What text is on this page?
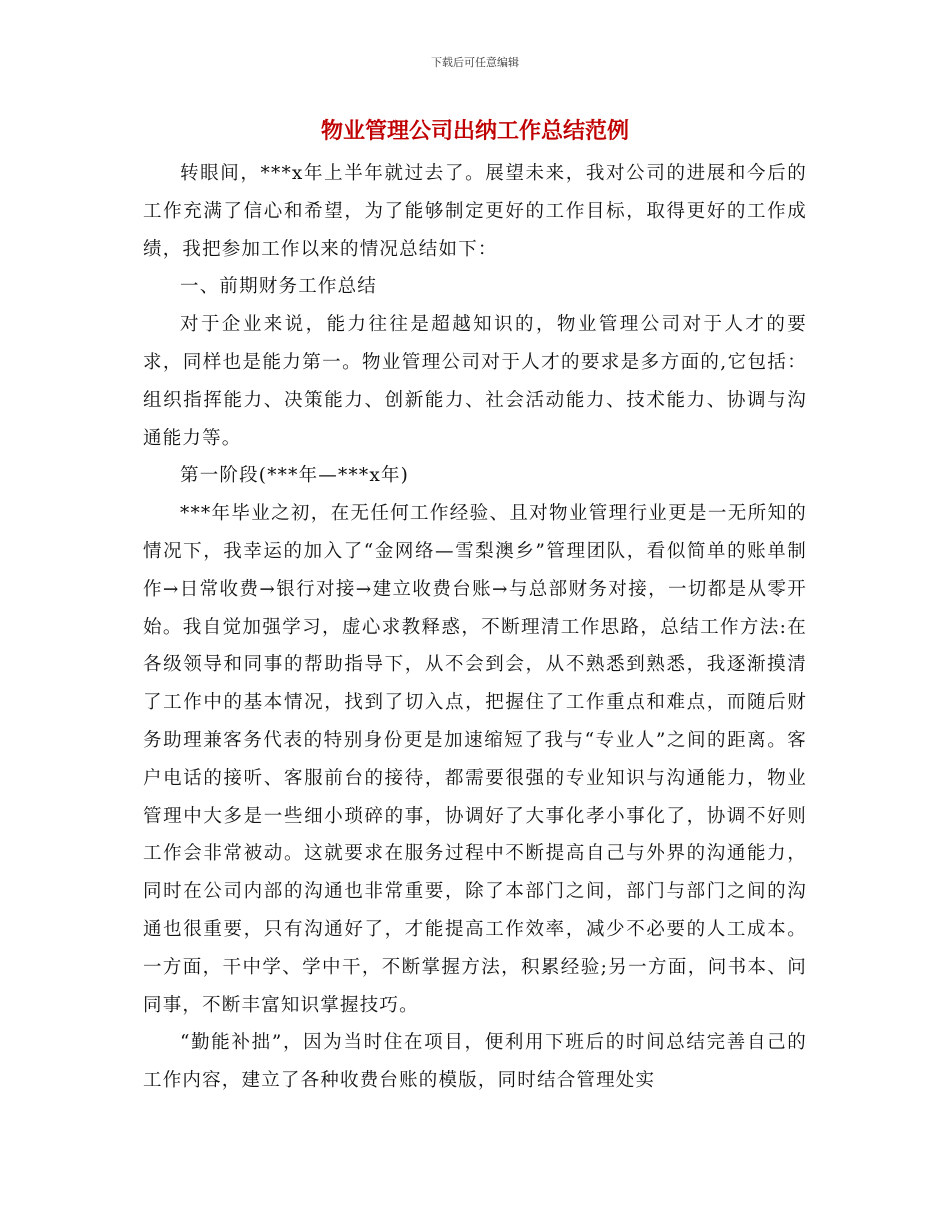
下载后可任意编辑
物业管理公司出纳工作总结范例

转眼间，***x年上半年就过去了。展望未来，我对公司的进展和今后的工作充满了信心和希望，为了能够制定更好的工作目标，取得更好的工作成绩，我把参加工作以来的情况总结如下：

一、前期财务工作总结

对于企业来说，能力往往是超越知识的，物业管理公司对于人才的要求，同样也是能力第一。物业管理公司对于人才的要求是多方面的,它包括：组织指挥能力、决策能力、创新能力、社会活动能力、技术能力、协调与沟通能力等。

第一阶段(***年—***x年)

***年毕业之初，在无任何工作经验、且对物业管理行业更是一无所知的情况下，我幸运的加入了“金网络—雪梨澳乡”管理团队，看似简单的账单制作→日常收费→银行对接→建立收费台账→与总部财务对接，一切都是从零开始。我自觉加强学习，虚心求教释惑，不断理清工作思路，总结工作方法:在各级领导和同事的帮助指导下，从不会到会，从不熟悉到熟悉，我逐渐摸清了工作中的基本情况，找到了切入点，把握住了工作重点和难点，而随后财务助理兼客务代表的特别身份更是加速缩短了我与“专业人”之间的距离。客户电话的接听、客服前台的接待，都需要很强的专业知识与沟通能力，物业管理中大多是一些细小琐碎的事，协调好了大事化孝小事化了，协调不好则工作会非常被动。这就要求在服务过程中不断提高自己与外界的沟通能力，同时在公司内部的沟通也非常重要，除了本部门之间，部门与部门之间的沟通也很重要，只有沟通好了，才能提高工作效率，减少不必要的人工成本。一方面，干中学、学中干，不断掌握方法，积累经验;另一方面，问书本、问同事，不断丰富知识掌握技巧。

“勤能补拙”，因为当时住在项目，便利用下班后的时间总结完善自己的工作内容，建立了各种收费台账的模版，同时结合管理处实
